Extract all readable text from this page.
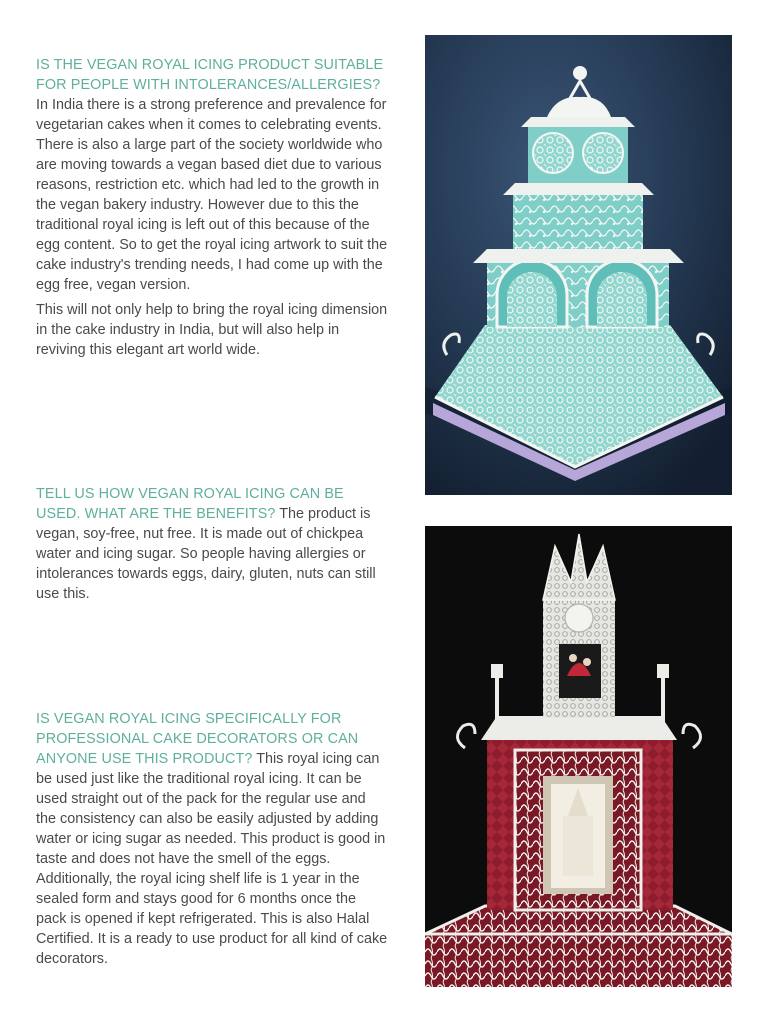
IS THE VEGAN ROYAL ICING PRODUCT SUITABLE FOR PEOPLE WITH INTOLERANCES/ALLERGIES?
In India there is a strong preference and prevalence for vegetarian cakes when it comes to celebrating events. There is also a large part of the society worldwide who are moving towards a vegan based diet due to various reasons, restriction etc. which had led to the growth in the vegan bakery industry. However due to this the traditional royal icing is left out of this because of the egg content. So to get the royal icing artwork to suit the cake industry's trending needs, I had come up with the egg free, vegan version.

This will not only help to bring the royal icing dimension in the cake industry in India, but will also help in reviving this elegant art world wide.

TELL US HOW VEGAN ROYAL ICING CAN BE USED. WHAT ARE THE BENEFITS? The product is vegan, soy-free, nut free. It is made out of chickpea water and icing sugar. So people having allergies or intolerances towards eggs, dairy, gluten, nuts can still use this.

IS VEGAN ROYAL ICING SPECIFICALLY FOR PROFESSIONAL CAKE DECORATORS OR CAN ANYONE USE THIS PRODUCT? This royal icing can be used just like the traditional royal icing. It can be used straight out of the pack for the regular use and the consistency can also be easily adjusted by adding water or icing sugar as needed. This product is good in taste and does not have the smell of the eggs. Additionally, the royal icing shelf life is 1 year in the sealed form and stays good for 6 months once the pack is opened if kept refrigerated. This is also Halal Certified. It is a ready to use product for all kind of cake decorators.
